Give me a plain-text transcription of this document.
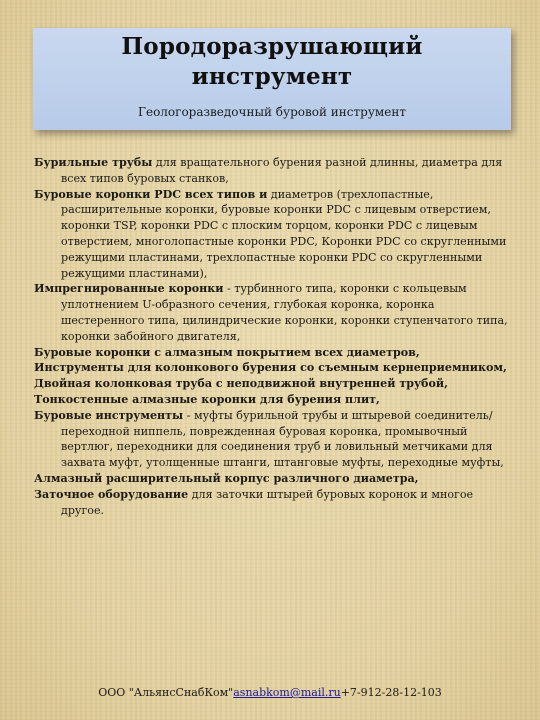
Породоразрушающий
инструмент
Геологоразведочный буровой инструмент

Бурильные трубы для вращательного бурения разной длинны, диаметра для всех типов буровых станков,

Буровые коронки PDC всех типов и диаметров (трехлопастные, расширительные коронки, буровые коронки PDC с лицевым отверстием, коронки TSP, коронки PDC с плоским торцом, коронки PDC с лицевым отверстием, многолопастные коронки PDC, Коронки PDC со скругленными режущими пластинами, трехлопастные коронки PDC со скругленными режущими пластинами),

Импрегнированные коронки - турбинного типа, коронки с кольцевым уплотнением U-образного сечения, глубокая коронка, коронка шестеренного типа, цилиндрические коронки, коронки ступенчатого типа, коронки забойного двигателя,

Буровые коронки с алмазным покрытием всех диаметров,

Инструменты для колонкового бурения со съемным кернеприемником,

Двойная колонковая труба с неподвижной внутренней трубой,

Тонкостенные алмазные коронки для бурения плит,

Буровые инструменты - муфты бурильной трубы и штыревой соединитель/переходной ниппель, поврежденная буровая коронка, промывочный вертлюг, переходники для соединения труб и ловильный метчиками для захвата муфт, утолщенные штанги, штанговые муфты, переходные муфты,

Алмазный расширительный корпус различного диаметра,

Заточное оборудование для заточки штырей буровых коронок и многое другое.

ООО "АльянсСнабКом"asnabkom@mail.ru+7-912-28-12-103
